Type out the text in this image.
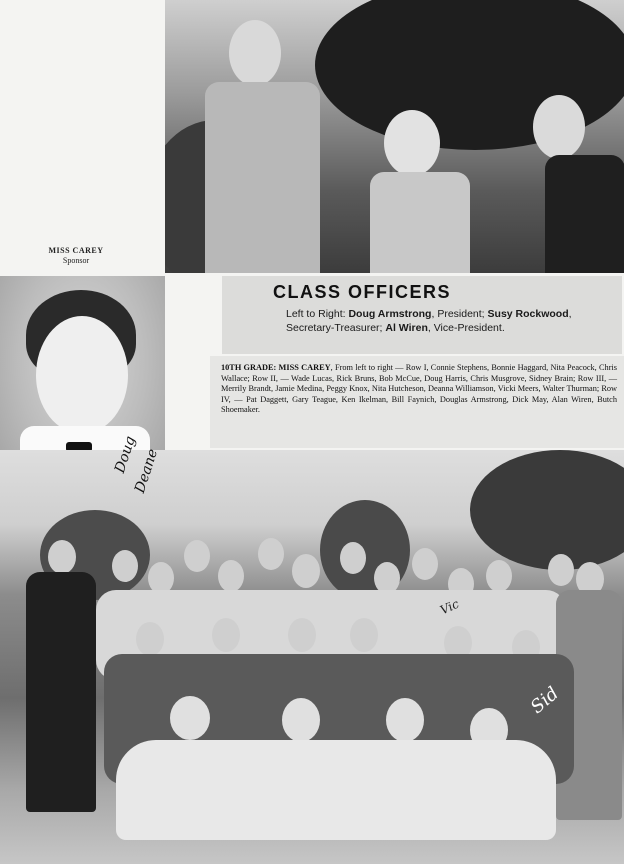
MISS CAREY
Sponsor
CLASS OFFICERS

Left to Right: Doug Armstrong, President; Susy Rockwood, Secretary-Treasurer; Al Wiren, Vice-President.

10TH GRADE: MISS CAREY, From left to right — Row I, Connie Stephens, Bonnie Haggard, Nita Peacock, Chris Wallace; Row II, — Wade Lucas, Rick Bruns, Bob McCue, Doug Harris, Chris Musgrove, Sidney Brain; Row III, — Merrily Brandt, Jamie Medina, Peggy Knox, Nita Hutcheson, Deanna Williamson, Vicki Meers, Walter Thurman; Row IV, — Pat Daggett, Gary Teague, Ken Ikelman, Bill Faynich, Douglas Armstrong, Dick May, Alan Wiren, Butch Shoemaker.

Doug
Deane
Sid
Vic
